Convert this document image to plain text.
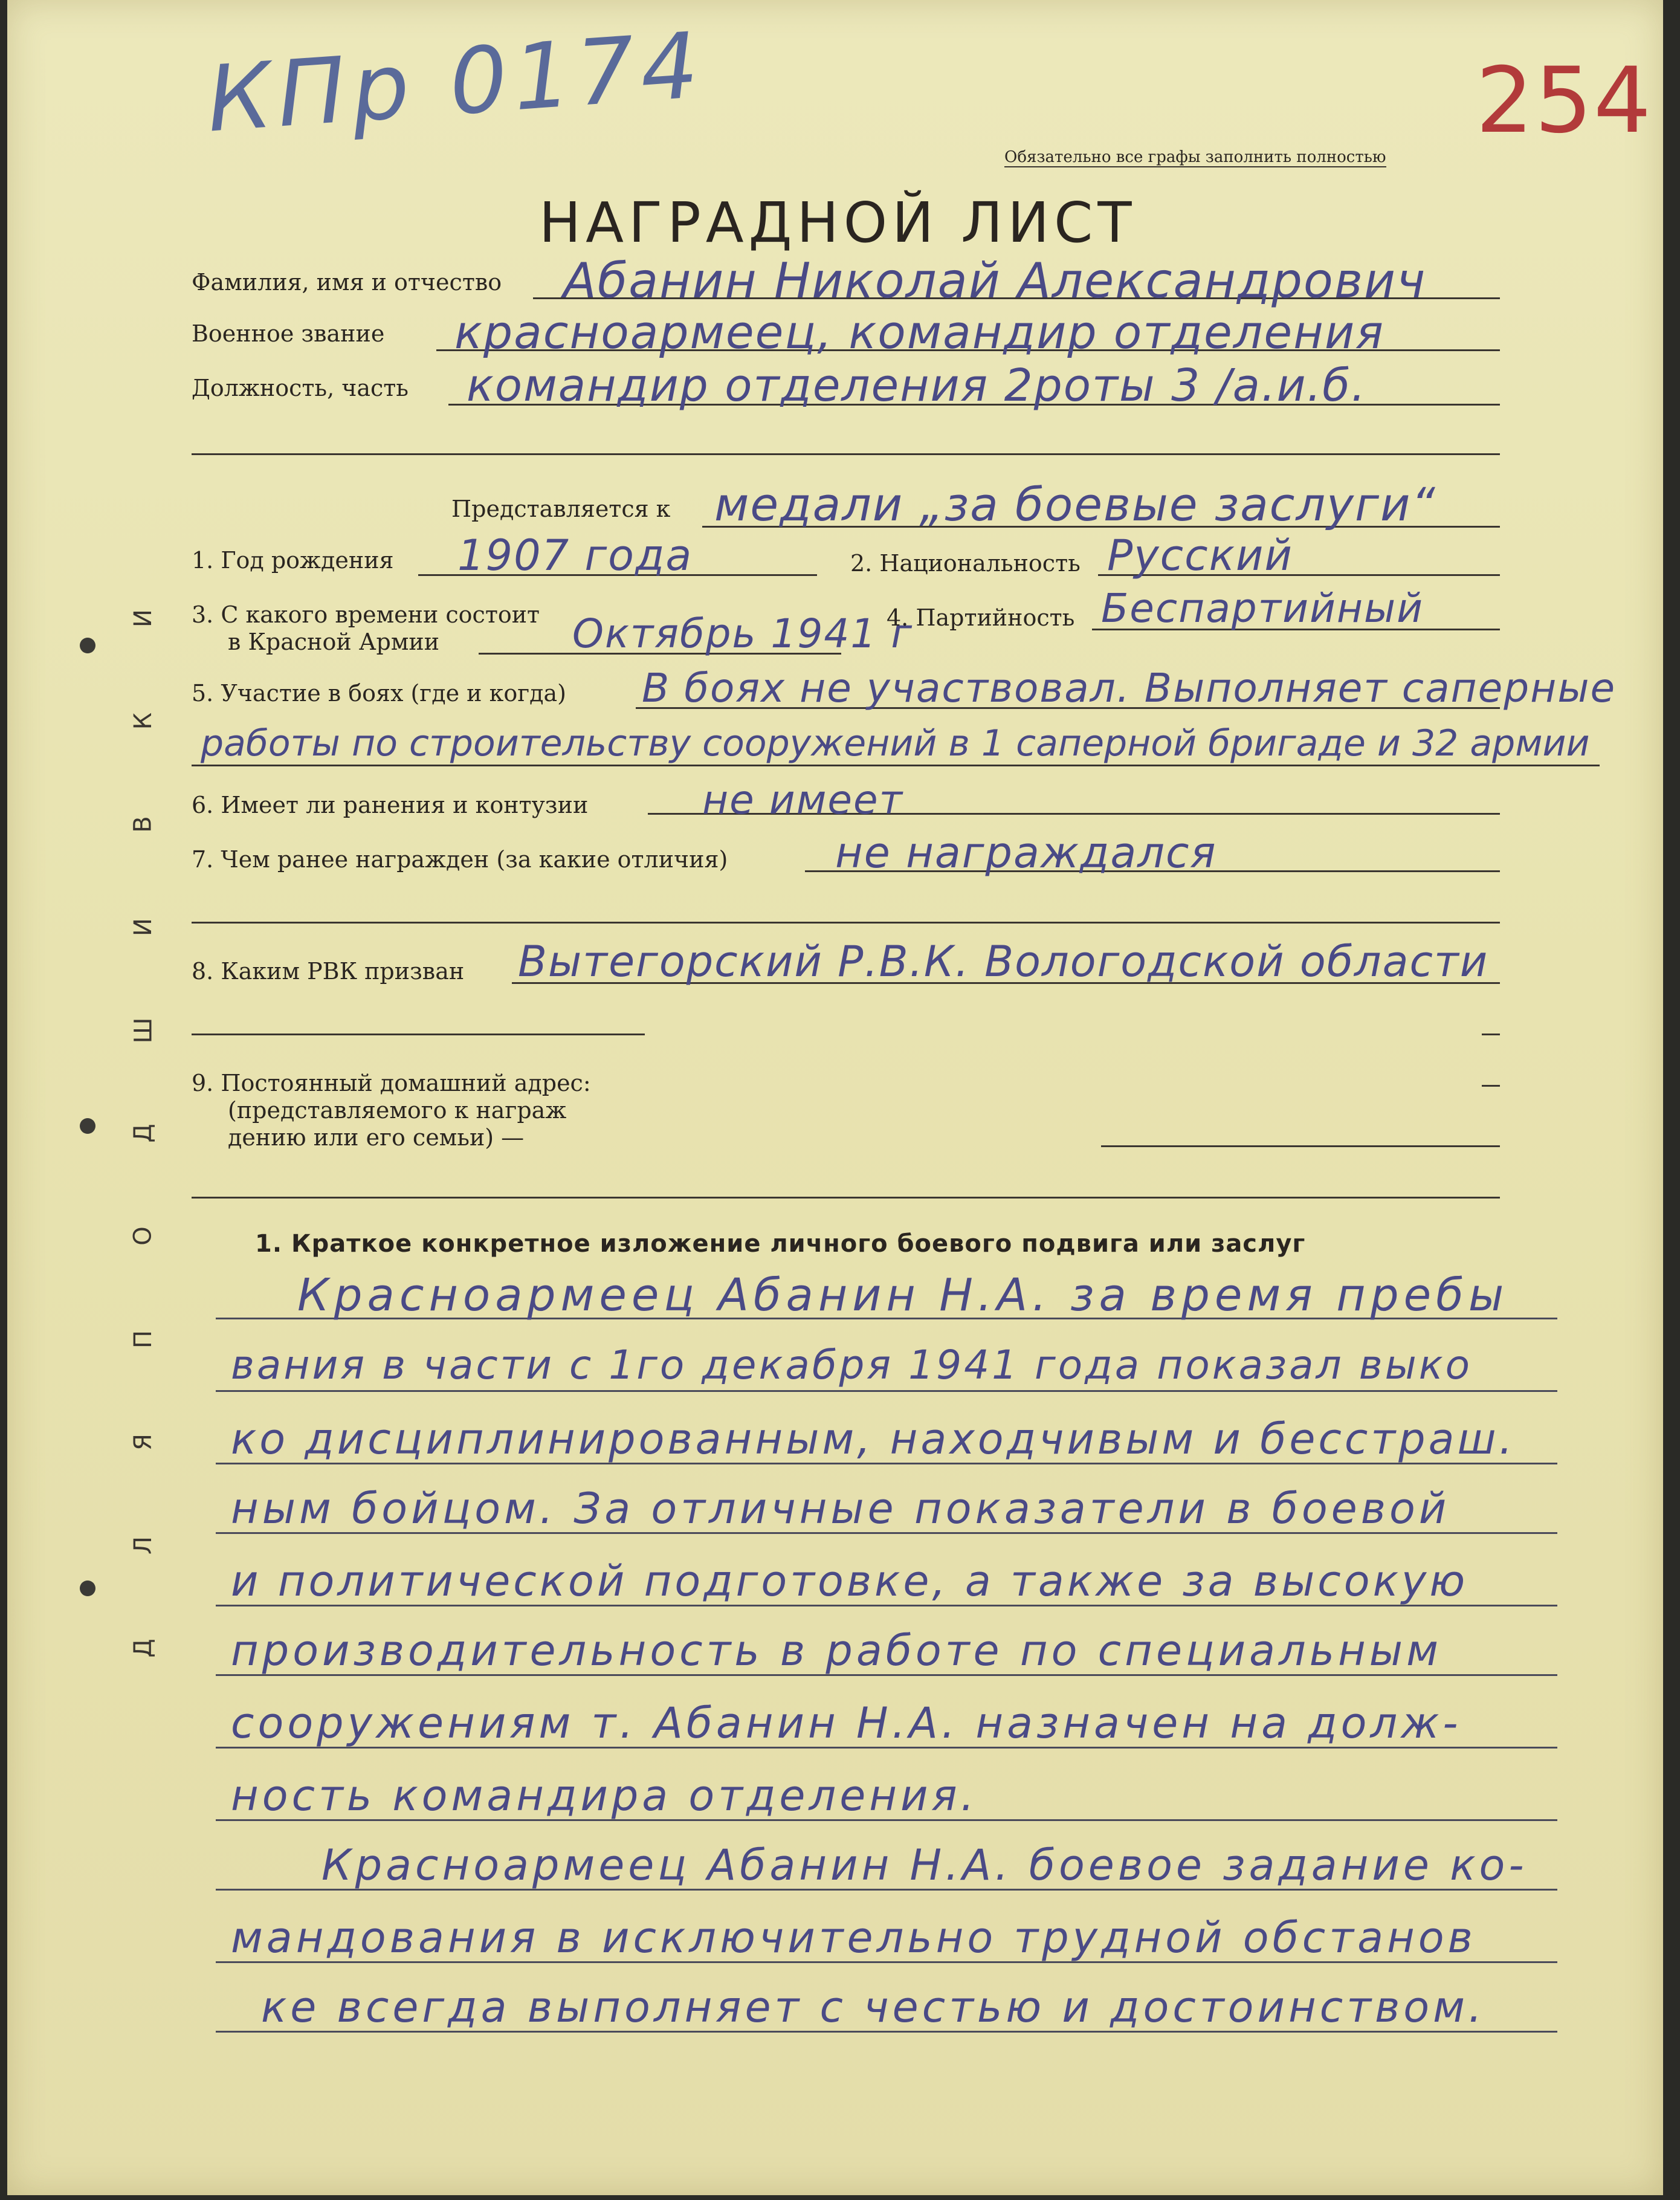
КПр 0174	254
Обязательно все графы заполнить полностью
НАГРАДНОЙ ЛИСТ
Фамилия, имя и отчество Абанин Николай Александрович
Военное звание красноармеец, командир отделения
Должность, часть командир отделения 2роты 3 /а.и.б.
Представляется к медали „за боевые заслуги“
1. Год рождения 1907 года	2. Национальность Русский
3. С какого времени состоит
в Красной Армии	Октябрь 1941 г
4. Партийность Беспартийный
5. Участие в боях (где и когда) В боях не участвовал. Выполняет саперные
работы по строительству сооружений в 1 саперной бригаде и 32 армии
6. Имеет ли ранения и контузии	не имеет
7. Чем ранее награжден (за какие отличия)	не награждался
8. Каким РВК призван Вытегорский Р.В.К. Вологодской области
9. Постоянный домашний адрес:
(представляемого к награж
дению или его семьи) —
1. Краткое конкретное изложение личного боевого подвига или заслуг
Красноармеец Абанин Н.А. за время пребы
вания в части с 1го декабря 1941 года показал выко
ко дисциплинированным, находчивым и бесстраш.
ным бойцом. За отличные показатели в боевой
и политической подготовке, а также за высокую
производительность в работе по специальным
сооружениям т. Абанин Н.А. назначен на долж-
ность командира отделения.
Красноармеец Абанин Н.А. боевое задание ко-
мандования в исключительно трудной обстанов
ке всегда выполняет с честью и достоинством.
Д
Л
Я
П
О
Д
Ш
И
В
К
И
